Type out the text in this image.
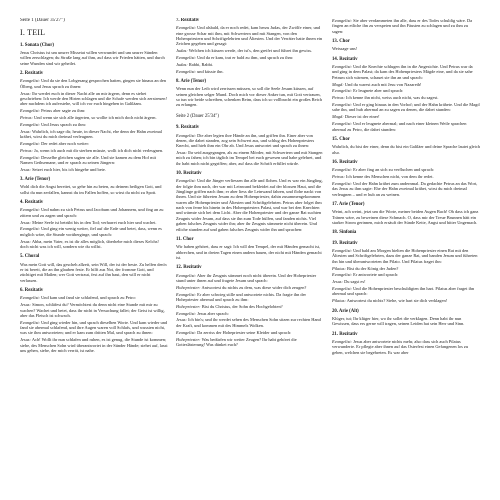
Seite 1 (Dauer 35'27")
I. TEIL
1. Sonata (Chor)

Jesus Christus ist um unsrer Missetat willen verwundet und um unsrer Sünden willen zerschlagen; du Straße lang auf ihm, auf dass wir Frieden hätten, und durch seine Wunden sind wir geheilet.

2. Rezitativ

Evangelist: Und da sie den Lobgesang gesprochen hatten, gingen sie hinaus an den Ölberg, und Jesus sprach zu ihnen:

Jesus: Ihr werdet euch in dieser Nacht alle an mir ärgern, denn es stehet geschrieben: Ich werde den Hirten schlagen und die Schafe werden sich zerstreuen! aber nachdem ich auferstehe, will ich vor euch hingehen in Galiläam.

Evangelist: Petrus aber sagte zu ihm:

Petrus: Und wenn sie sich alle ärgerten, so wollte ich mich doch nicht ärgern.

Evangelist: Und Jesus sprach zu ihm:

Jesus: Wahrlich, ich sage dir, heute, in dieser Nacht, ehe denn der Hahn zweimal krähet, wirst du mich dreimal verleugnen.

Evangelist: Der redet aber noch weiter:

Petrus: Ja, wenn ich auch mit dir sterben müsste, wollt ich dich nicht verleugnen.

Evangelist: Desselbe gleichen sagten sie alle. Und sie kamen zu dem Hof mit Namen Gethsemane, und er sprach zu seinen Jüngern:

Jesus: Setzet euch hier, bis ich hingehe und bete.

3. Arie (Tenor)

Wohl dich die Angst bereitet, so gehe hin zu beten, zu deinem heiligen Gott, und sollst du nun zerfallen, kannst du im Fallen hoffen, so wirst du nicht zu Spott.

4. Rezitativ

Evangelist: Und nahm zu sich Petrus und Jacobum und Johannem, und fing an zu zittern und zu zagen und sprach:

Jesus: Meine Seele ist betrübt bis in den Tod; verharret euch hier und wachet.

Evangelist: Und ging ein wenig weiter, fiel auf die Erde und betet, dass, wenn es möglich wäre, die Stunde vorüberginge, und sprach:

Jesus: Abba, mein Vater, es ist dir alles möglich, überhebe mich dieses Kelchs! doch nicht was ich will, sondern wie du willst.

5. Choral

Was mein Gott will, das gescheh allzeit, sein Will, der ist der beste. Zu helfen den'n er ist bereit, die an ihn glauben feste. Er hilft aus Not, der fromme Gott, und züchtiget mit Maßen; wer Gott vertraut, fest auf ihn baut, den will er nicht verlassen.

6. Rezitativ

Evangelist: Und kam und fand sie schlafend, und sprach zu Petro:

Jesus: Simon, schläfest du? Vermöchtest du denn nicht eine Stunde mit mir zu wachen? Wachet und betet, dass ihr nicht in Versuchung fallet; der Geist ist willig, aber das Fleisch ist schwach.

Evangelist: Und ging wieder hin, und sprach dieselben Worte. Und kam wieder und fand sie abermal schlafend, und ihre Augen waren voll Schlafs, und wussten nicht, was sie ihm antworteten; und er kam zum dritten Mal, und sprach zu ihnen:

Jesus: Ach! Wollt ihr nun schlafen und ruhen, es ist genug, die Stunde ist kommen; siehe, des Menschen Sohn wird überantwortet in der Sünder Hände; stehet auf, lasst uns gehen, siehe, der mich verrät, ist nahe.

7. Rezitativ

Evangelist: Und alsbald, da er noch redet, kam herzu Judas, der Zwölfe einer, und eine grosse Schar mit ihm, mit Schwertern und mit Stangen, von den Hohenpriestern und Schriftgelehrten und Ältesten. Und der Verräter hatte ihnen ein Zeichen gegeben und gesagt:

Judas: Welchen ich küssen werde, der ist's, den greifet und führet ihn gewiss.

Evangelist: Und da er kam, trat er bald zu ihm, und sprach zu ihm:

Judas: Rabbi, Rabbi.

Evangelist: und küsste ihn.

8. Arie (Tenor)

Wenn nun der Leib wird zerrissen müssen, so soll die Seele Jesum küssen, auf seinen gleichen selger Mund. Doch mich vor dieser Anker tun, mit Gott vertrauen, so tun wir beide schreiben, schenken Reim, dass ich so vollbracht ein großes Reich zu erlangen.

Seite 2 (Dauer 25'34")
9. Rezitativ

Evangelist: Die aber legten ihre Hände an ihn, und griffen ihn. Einer aber von denen, die dabei standen, zog sein Schwert aus, und schlug des Hohenpriesters Knecht, und hieb ihm ein Ohr ab. Und Jesus antwortet und sprach zu ihnen:

Jesus: Ihr seid ausgegangen, als zu einem Mörder, mit Schwertern und mit Stangen mich zu fahen; ich bin täglich im Tempel bei euch gewesen und habe gelehret, und ihr habt mich nicht gegriffen; aber, auf dass die Schrift erfüllet würde.

10. Rezitativ

Evangelist: Und die Jünger verliessen ihn alle und flohen. Und es war ein Jüngling, der folgte ihm nach, der war mit Leinwand bekleidet auf der blossen Haut, und die Jünglinge griffen nach ihm; er aber liess die Leinwand fahren, und flohe nackt von ihnen. Und sie führeten Jesum zu dem Hohenpriester, dahin zusammengekommen waren alle Hohenpriester und Ältesten und Schriftgelehrten. Petrus aber folget ihm nach von ferne bis hinein in des Hohenpriesters Palast, und war bei den Knechten und wärmte sich bei dem Licht. Aber die Hohenpriester und der ganze Rat suchten Zeugnis wider Jesum, auf dass sie ihn zum Tode hülfen, und fanden nichts. Viel gaben falsches Zeugnis wider ihn; aber ihr Zeugnis stimmete nicht überein. Und etliche stunden auf und gaben falsches Zeugnis wider ihn und sprachen:

11. Chor

Wir haben gehöret, dass er sagt: Ich will den Tempel, der mit Händen gemacht ist, abbrechen, und in dreien Tagen einen andern bauen, der nicht mit Händen gemacht ist.

12. Rezitativ

Evangelist: Aber ihr Zeugnis stimmet noch nicht überein. Und der Hohepriester stund unter ihnen auf und fragete Jesum und sprach:

Hohepriester: Antwortest du nichts zu dem, was diese wider dich zeugen?

Evangelist: Er aber schwieg stille und antwortete nichts. Da fragte ihn der Hohepriester abermal und sprach zu ihm:

Hohepriester: Bist du Christus, der Sohn des Hochgelobten?

Evangelist: Jesus aber sprach:

Jesus: Ich bin's; und ihr werdet sehen des Menschen Sohn sitzen zur rechten Hand der Kraft, und kommen mit des Himmels Wolken.

Evangelist: Da zerriss der Hohepriester seine Kleider und sprach:

Hohepriester: Was bedürfen wir weiter Zeugen? Ihr habt gehöret die Gotteslästerung! Was dünket euch?

Evangelist: Sie aber verdammeten ihn alle, dass er des Todes schuldig wäre. Da fingen an etliche ihn zu verspeien und ihn Fäusten zu schlagen und zu ihm zu sagen:

13. Chor

Weissage uns!

14. Rezitativ

Evangelist: Und die Knechte schlugen ihn in die Angesichte. Und Petrus war da und ging in dem Palast; da kam des Hohenpriesters Mägde eine, und da sie sahe Petrum sich wärmen, schauet sie ihn an und sprach:

Magd: Und du warest auch mit Jesu von Nazareth!

Evangelist: Er leugnete aber und sprach:

Petrus: Ich kenne ihn nicht, weiss auch nicht, was du sagest.

Evangelist: Und er ging hinaus in den Vorhof; und der Hahn krähete. Und die Magd sahe ihn, und hub abermal an zu sagen zu denen, die dabei stunden:

Magd: Dieser ist der einer!

Evangelist: Und er leugnete abermal; und nach einer kleinen Weile sprachen abermal zu Petro, die dabei stunden:

15. Chor

Wahrlich, du bist der einer, denn du bist ein Galiläer und deine Sprache lautet gleich also.

16. Rezitativ

Evangelist: Er aber fing an sich zu verfluchen und sprach:

Petrus: Ich kenne des Menschen nicht, von dem ihr redet.

Evangelist: Und der Hahn krähet zum andernmal. Da gedachte Petrus an das Wort, das Jesus zu ihm sagte: Ehe der Hahn zweimal krähet, wirst du mich dreimal verleugnen – und er hub an zu weinen.

17. Arie (Tenor)

Weint, ach weint, jetzt um die Worte, meiner beiden Augen Bach! Oh dass ich ganz Tränen wäre, zu beweinen diese Schmach. O, dass mir der Treue Brunnen hätt ein starker Strom gerinnen, mich ersäuft der Sünde Kette, Angst und bitter Ungemach.

18. Sinfonia
19. Rezitativ

Evangelist: Und bald am Morgen hielten die Hohenpriester einen Rat mit den Ältesten und Schriftgelehrten, dazu der ganze Rat, und banden Jesum und führeten ihn hin und überantworteten ihn Pilato. Und Pilatus fraget ihn:

Pilatus: Bist du der König der Juden?

Evangelist: Er antwortete und sprach:

Jesus: Du sagst es!

Evangelist: Und die Hohenpriester beschuldigten ihn hart. Pilatus aber fraget ihn abermal und sprach:

Pilatus: Antwortest du nichts? Siehe, wie hart sie dich verklagen!

20. Arie (Alt)

Klüger, tut; Ihr klüger hier, wo ihr sollet die verklagen. Denn habt ihr nun Gewissen, dass ers gerne will tragen, seinen Leiden hat sein Herr und Sinn.

21. Rezitativ

Evangelist: Jesus aber antwortete nichts mehr, also dass sich auch Pilatus verwunderte. Er pflegte aber ihnen auf das Osterfest einen Gefangenen los zu geben, welchen sie begehreten. Es war aber
